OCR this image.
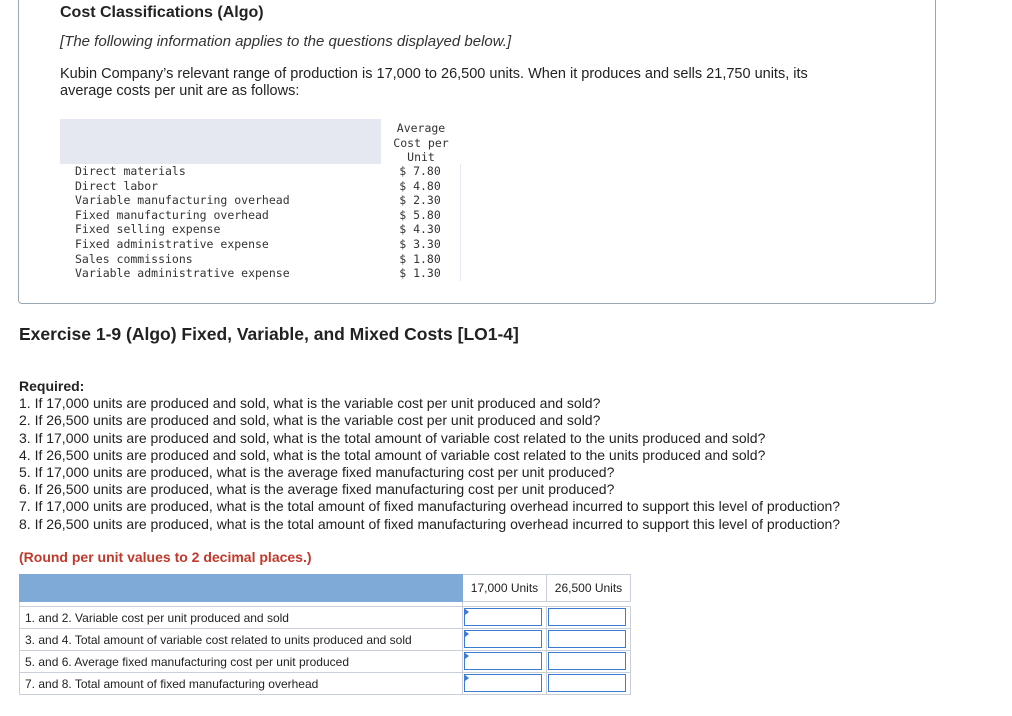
Cost Classifications (Algo)

[The following information applies to the questions displayed below.]

Kubin Company’s relevant range of production is 17,000 to 26,500 units. When it produces and sells 21,750 units, its average costs per unit are as follows:

Average
Cost per
Unit
Direct materials	$ 7.80
Direct labor	$ 4.80
Variable manufacturing overhead	$ 2.30
Fixed manufacturing overhead	$ 5.80
Fixed selling expense	$ 4.30
Fixed administrative expense	$ 3.30
Sales commissions	$ 1.80
Variable administrative expense	$ 1.30
Exercise 1-9 (Algo) Fixed, Variable, and Mixed Costs [LO1-4]
Required:
1. If 17,000 units are produced and sold, what is the variable cost per unit produced and sold?
2. If 26,500 units are produced and sold, what is the variable cost per unit produced and sold?
3. If 17,000 units are produced and sold, what is the total amount of variable cost related to the units produced and sold?
4. If 26,500 units are produced and sold, what is the total amount of variable cost related to the units produced and sold?
5. If 17,000 units are produced, what is the average fixed manufacturing cost per unit produced?
6. If 26,500 units are produced, what is the average fixed manufacturing cost per unit produced?
7. If 17,000 units are produced, what is the total amount of fixed manufacturing overhead incurred to support this level of production?
8. If 26,500 units are produced, what is the total amount of fixed manufacturing overhead incurred to support this level of production?

(Round per unit values to 2 decimal places.)

	17,000 Units	26,500 Units

1. and 2. Variable cost per unit produced and sold	

3. and 4. Total amount of variable cost related to units produced and sold	

5. and 6. Average fixed manufacturing cost per unit produced	

7. and 8. Total amount of fixed manufacturing overhead	
